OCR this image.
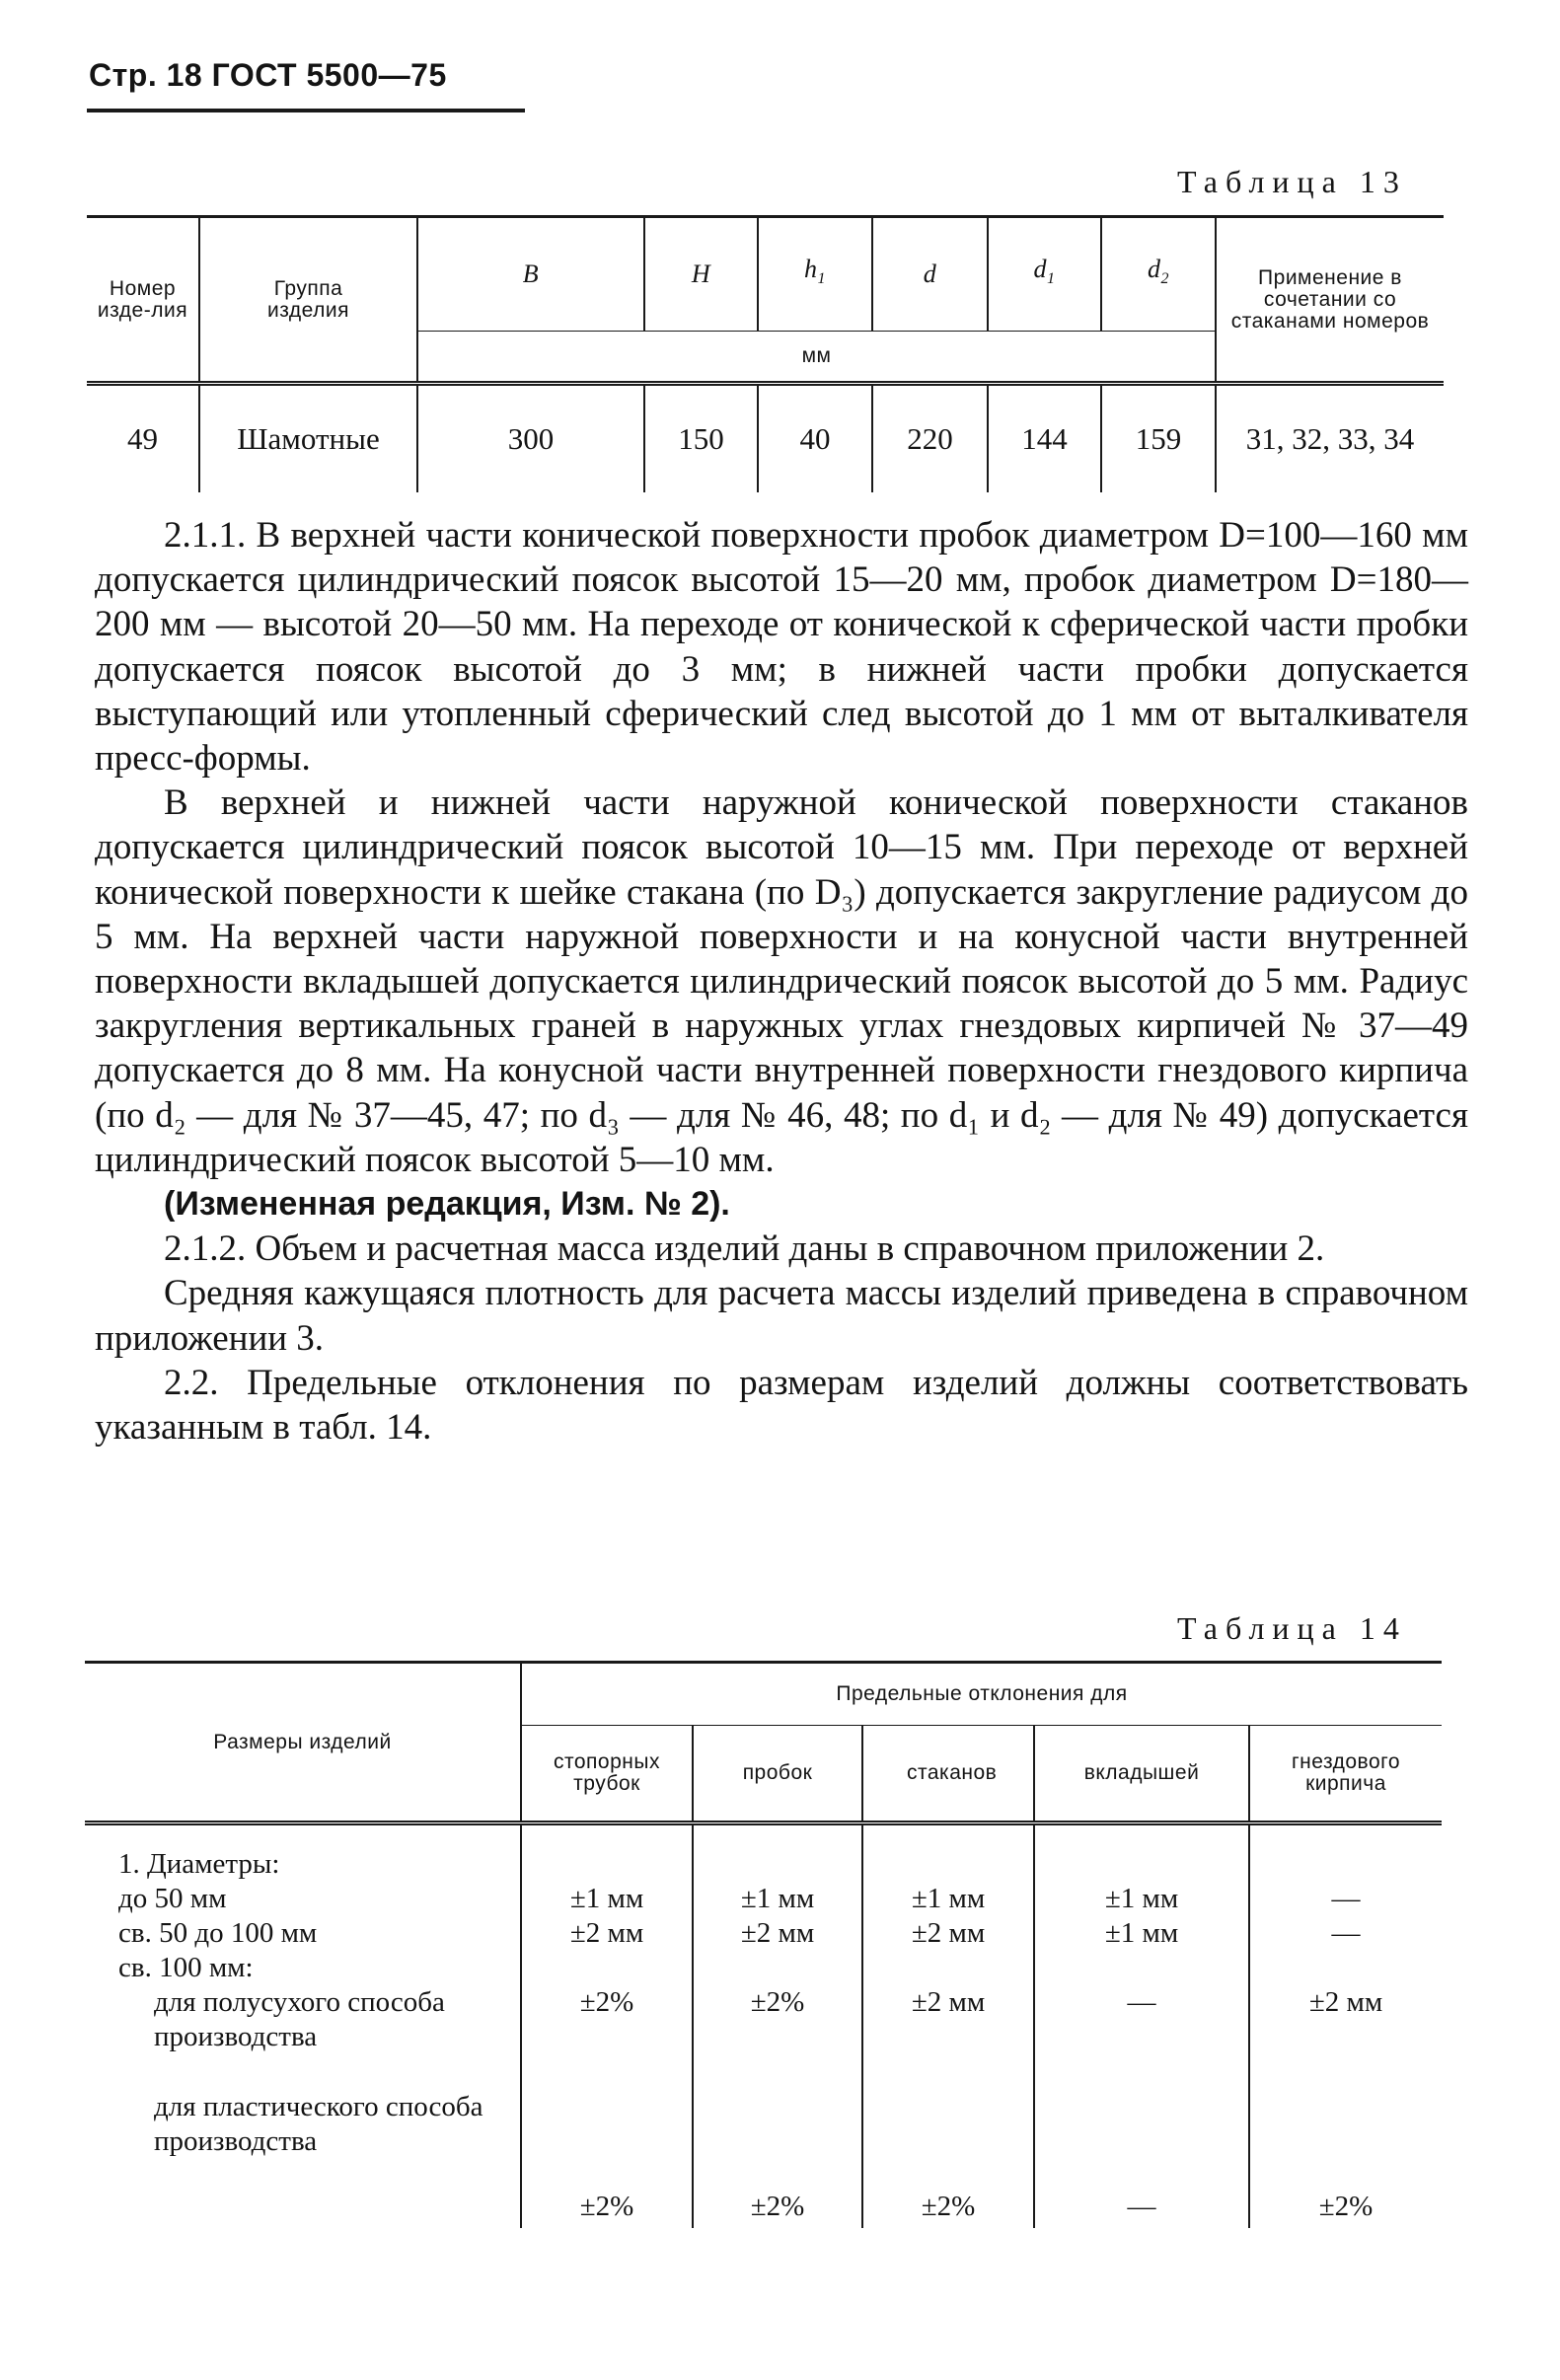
Стр. 18 ГОСТ 5500—75
Таблица 13
Номер изде-лия	Группа изделия	B	H	$h_1$	d	$d_1$	$d_2$	Применение в сочетании со стаканами номеров
		мм						
49	Шамотные	300	150	40	220	144	159	31, 32, 33, 34

2.1.1. В верхней части конической поверхности пробок диаметром D=100—160 мм допускается цилиндрический поясок высотой 15—20 мм, пробок диаметром D=180—200 мм — высотой 20—50 мм. На переходе от конической к сферической части пробки допускается поясок высотой до 3 мм; в нижней части пробки допускается выступающий или утопленный сферический след высотой до 1 мм от выталкивателя пресс-формы.

В верхней и нижней части наружной конической поверхности стаканов допускается цилиндрический поясок высотой 10—15 мм. При переходе от верхней конической поверхности к шейке стакана (по D₃) допускается закругление радиусом до 5 мм. На верхней части наружной поверхности и на конусной части внутренней поверхности вкладышей допускается цилиндрический поясок высотой до 5 мм. Радиус закругления вертикальных граней в наружных углах гнездовых кирпичей № 37—49 допускается до 8 мм. На конусной части внутренней поверхности гнездового кирпича (по d₂ — для № 37—45, 47; по d₃ — для № 46, 48; по d₁ и d₂ — для № 49) допускается цилиндрический поясок высотой 5—10 мм.

(Измененная редакция, Изм. № 2).

2.1.2. Объем и расчетная масса изделий даны в справочном приложении 2.

Средняя кажущаяся плотность для расчета массы изделий приведена в справочном приложении 3.

2.2. Предельные отклонения по размерам изделий должны соответствовать указанным в табл. 14.

Таблица 14
Размеры изделий	Предельные отклонения для				
	стопорных трубок	пробок	стаканов	вкладышей	гнездового кирпича
1. Диаметры:					
до 50 мм	±1 мм	±1 мм	±1 мм	±1 мм	—
св. 50 до 100 мм	±2 мм	±2 мм	±2 мм	±1 мм	—
св. 100 мм:					
для полусухого способа производства	±2%	±2%	±2 мм	—	±2 мм
для пластического способа производства	±2%	±2%	±2%	—	±2%
